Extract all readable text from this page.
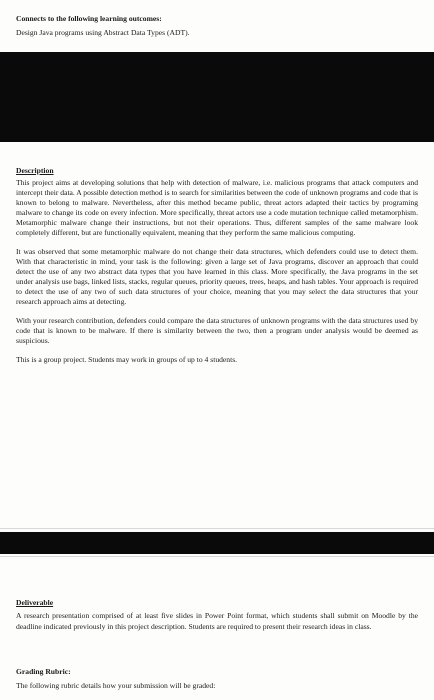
Connects to the following learning outcomes:

Design Java programs using Abstract Data Types (ADT).

Description

This project aims at developing solutions that help with detection of malware, i.e. malicious programs that attack computers and intercept their data. A possible detection method is to search for similarities between the code of unknown programs and code that is known to belong to malware. Nevertheless, after this method became public, threat actors adapted their tactics by programing malware to change its code on every infection. More specifically, threat actors use a code mutation technique called metamorphism. Metamorphic malware change their instructions, but not their operations. Thus, different samples of the same malware look completely different, but are functionally equivalent, meaning that they perform the same malicious computing.

It was observed that some metamorphic malware do not change their data structures, which defenders could use to detect them. With that characteristic in mind, your task is the following: given a large set of Java programs, discover an approach that could detect the use of any two abstract data types that you have learned in this class. More specifically, the Java programs in the set under analysis use bags, linked lists, stacks, regular queues, priority queues, trees, heaps, and hash tables. Your approach is required to detect the use of any two of such data structures of your choice, meaning that you may select the data structures that your research approach aims at detecting.

With your research contribution, defenders could compare the data structures of unknown programs with the data structures used by code that is known to be malware. If there is similarity between the two, then a program under analysis would be deemed as suspicious.

This is a group project. Students may work in groups of up to 4 students.

Deliverable

A research presentation comprised of at least five slides in Power Point format, which students shall submit on Moodle by the deadline indicated previously in this project description. Students are required to present their research ideas in class.

Grading Rubric:

The following rubric details how your submission will be graded:
